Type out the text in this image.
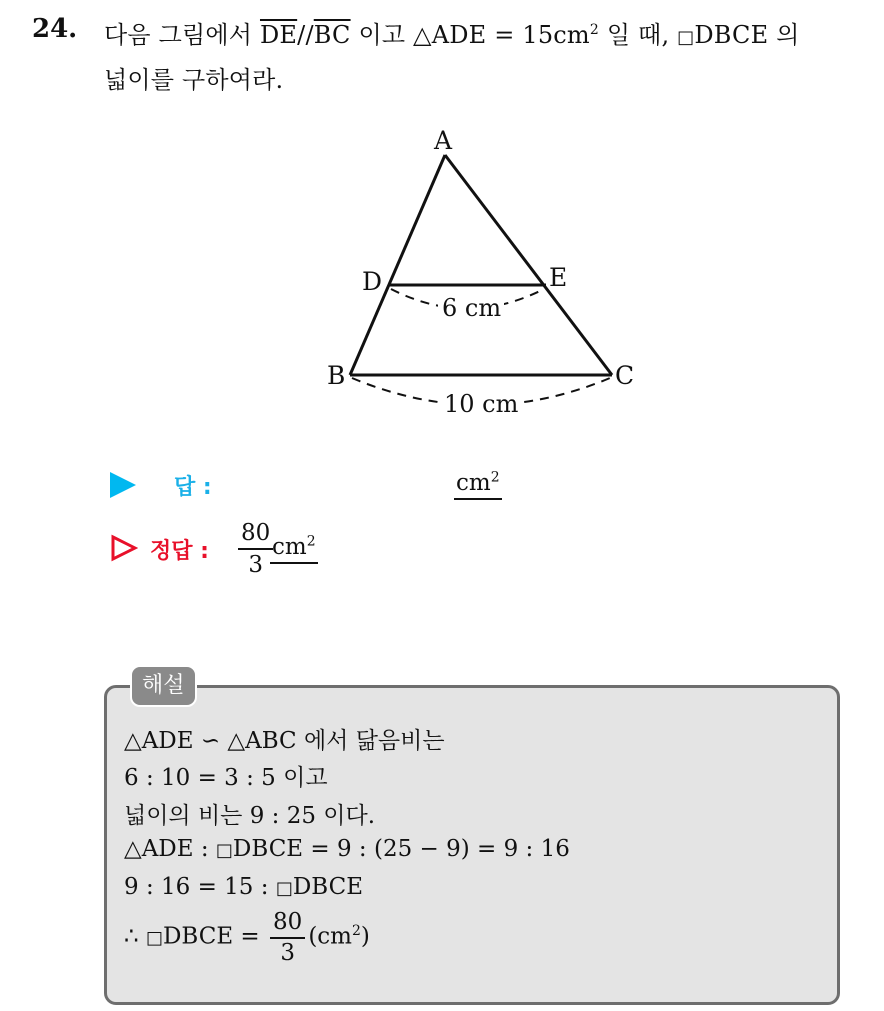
24. 다음 그림에서 $\overline{DE}//\overline{BC}$ 이고 △ADE = $15cm^2$ 일 때, □DBCE 의
넓이를 구하여라.
A
B	C
D	E
6 cm
10 cm
답 :	$cm^2$
정답 : $\frac{80}{3}$
$cm^2$
해설
△ADE ∽ △ABC 에서 닮음비는
6 : 10 = 3 : 5 이고
넓이의 비는 9 : 25 이다.
△ADE : □DBCE = 9 : (25 − 9) = 9 : 16
9 : 16 = 15 : □DBCE
∴ □DBCE = $\frac{80}{3} (cm^2)$
